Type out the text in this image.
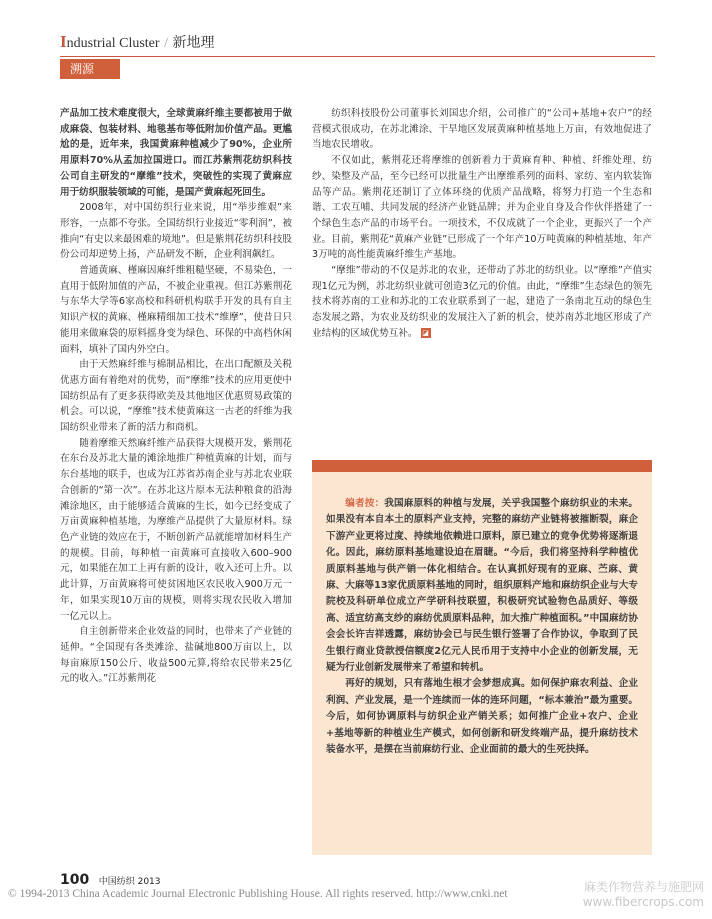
Industrial Cluster / 新地理
溯源

产品加工技术难度很大，全球黄麻纤维主要都被用于做成麻袋、包装材料、地毯基布等低附加价值产品。更尴尬的是，近年来，我国黄麻种植减少了90%，企业所用原料70%从孟加拉国进口。而江苏紫荆花纺织科技公司自主研发的“摩维”技术，突破性的实现了黄麻应用于纺织服装领域的可能，是国产黄麻起死回生。

2008年，对中国纺织行业来说，用“举步维艰”来形容，一点都不夸张。全国纺织行业接近“零利润”，被推向“有史以来最困难的境地”。但是紫荆花纺织科技股份公司却逆势上扬，产品研发不断，企业利润飙红。

普通黄麻、槿麻因麻纤维粗糙坚硬，不易染色，一直用于低附加值的产品，不被企业重视。但江苏紫荆花与东华大学等6家高校和科研机构联手开发的具有自主知识产权的黄麻、槿麻精细加工技术“维摩”，使昔日只能用来做麻袋的原料摇身变为绿色、环保的中高档休闲面料，填补了国内外空白。

由于天然麻纤维与棉制品相比，在出口配额及关税优惠方面有着绝对的优势，而“摩维”技术的应用更使中国纺织品有了更多获得欧美及其他地区优惠贸易政策的机会。可以说，“摩维”技术使黄麻这一古老的纤维为我国纺织业带来了新的活力和商机。

随着摩维天然麻纤维产品获得大规模开发，紫荆花在东台及苏北大量的滩涂地推广种植黄麻的计划，而与东台基地的联手，也成为江苏省苏南企业与苏北农业联合创新的“第一次”。在苏北这片原本无法种粮食的沿海滩涂地区，由于能够适合黄麻的生长，如今已经变成了万亩黄麻种植基地，为摩维产品提供了大量原材料。绿色产业链的效应在于，不断创新产品就能增加材料生产的规模。目前，每种植一亩黄麻可直接收入600–900元，如果能在加工上再有新的设计，收入还可上升。以此计算，万亩黄麻将可使贫困地区农民收入900万元一年，如果实现10万亩的规模，则将实现农民收入增加一亿元以上。

自主创新带来企业效益的同时，也带来了产业链的延伸。“全国现有各类滩涂、盐碱地800万亩以上，以每亩麻原150公斤、收益500元算,将给农民带来25亿元的收入。”江苏紫荆花

纺织科技股份公司董事长刘国忠介绍，公司推广的“公司+基地+农户”的经营模式很成功，在苏北滩涂、干旱地区发展黄麻种植基地上万亩，有效地促进了当地农民增收。

不仅如此，紫荆花还将摩维的创新着力于黄麻育种、种植、纤维处理、纺纱、染整及产品，至今已经可以批量生产出摩维系列的面料、家纺、室内软装饰品等产品。紫荆花还制订了立体环绕的优质产品战略，将努力打造一个生态和谐、工农互哺、共同发展的经济产业链品牌；并为企业自身及合作伙伴搭建了一个绿色生态产品的市场平台。一项技术，不仅成就了一个企业，更振兴了一个产业。目前，紫荆花“黄麻产业链”已形成了一个年产10万吨黄麻的种植基地、年产3万吨的高性能黄麻纤维生产基地。

“摩维”带动的不仅是苏北的农业，还带动了苏北的纺织业。以“摩维”产值实现1亿元为例，苏北纺织业就可创造3亿元的价值。由此，“摩维”生态绿色的领先技术将苏南的工业和苏北的工农业联系到了一起，建造了一条南北互动的绿色生态发展之路，为农业及纺织业的发展注入了新的机会，使苏南苏北地区形成了产业结构的区域优势互补。 ◪

编者按：我国麻原料的种植与发展，关乎我国整个麻纺织业的未来。如果没有本自本土的原料产业支持，完整的麻纺产业链将被摧断裂，麻企下游产业更将过度、持续地依赖进口原料，原已建立的竞争优势将逐渐退化。因此，麻纺原料基地建设迫在眉睫。“今后，我们将坚持科学种植优质原料基地与供产销一体化相结合。在认真抓好现有的亚麻、苎麻、黄麻、大麻等13家优质原料基地的同时，组织原料产地和麻纺织企业与大专院校及科研单位成立产学研科技联盟，积极研究试验物色品质好、等级高、适宜纺高支纱的麻纺优质原料品种，加大推广种植面积。”中国麻纺协会会长许吉祥透露，麻纺协会已与民生银行签署了合作协议，争取到了民生银行商业贷款授信额度2亿元人民币用于支持中小企业的创新发展，无疑为行业创新发展带来了希望和转机。

再好的规划，只有落地生根才会梦想成真。如何保护麻农利益、企业利润、产业发展，是一个连续而一体的连环问题，“标本兼治”最为重要。今后，如何协调原料与纺织企业产销关系；如何推广企业+农户、企业+基地等新的种植业生产模式，如何创新和研发终端产品，提升麻纺技术装备水平，是摆在当前麻纺行业、企业面前的最大的生死抉择。

100 中国纺织 2013
© 1994-2013 China Academic Journal Electronic Publishing House. All rights reserved. http://www.cnki.net	麻类作物营养与施肥网
www.fibercrops.com
